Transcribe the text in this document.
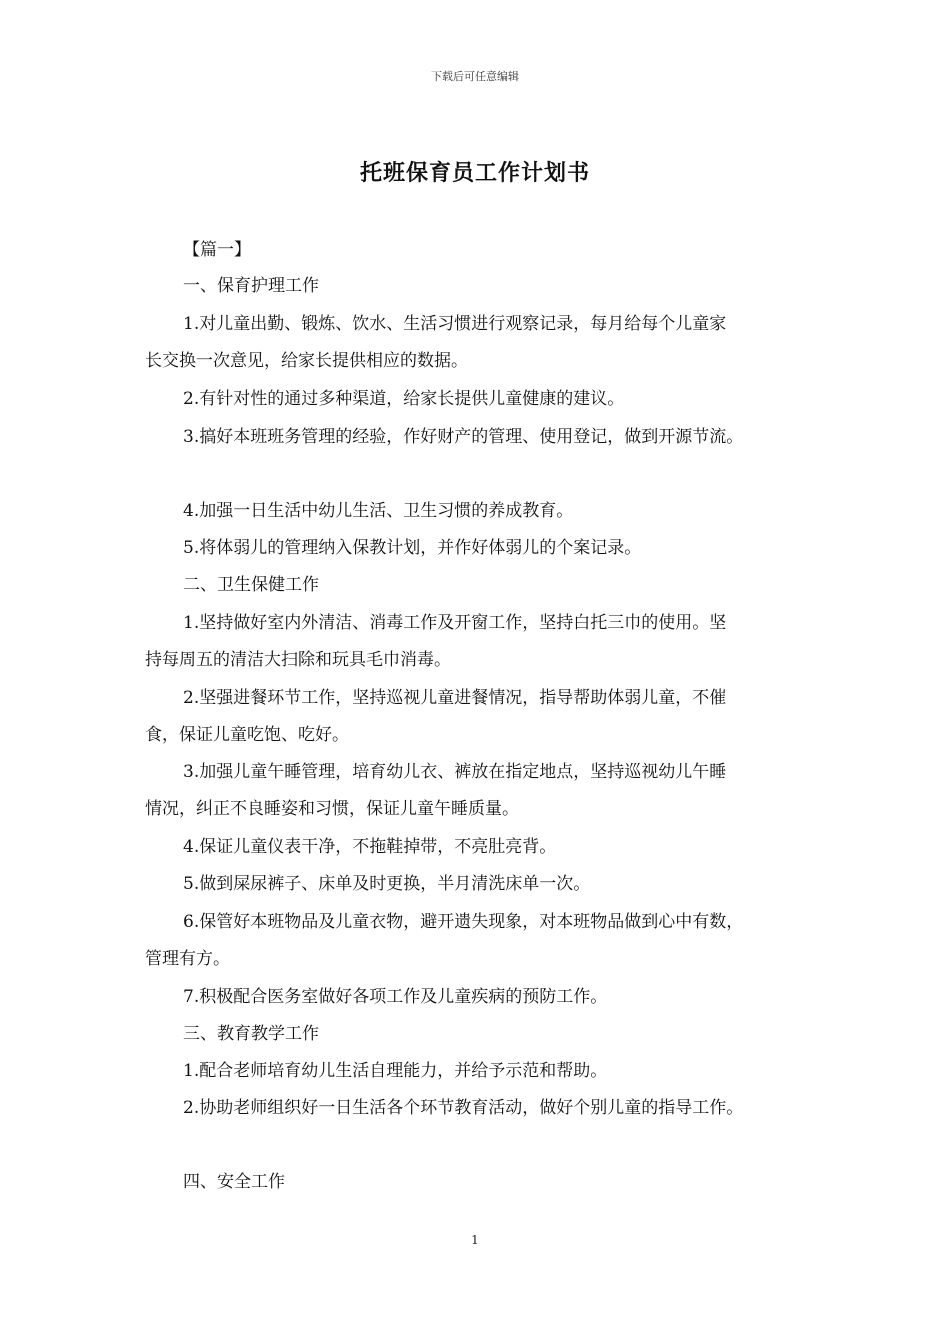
下载后可任意编辑
托班保育员工作计划书
【篇一】
一、保育护理工作
1.对儿童出勤、锻炼、饮水、生活习惯进行观察记录，每月给每个儿童家
长交换一次意见，给家长提供相应的数据。
2.有针对性的通过多种渠道，给家长提供儿童健康的建议。
3.搞好本班班务管理的经验，作好财产的管理、使用登记，做到开源节流。
4.加强一日生活中幼儿生活、卫生习惯的养成教育。
5.将体弱儿的管理纳入保教计划，并作好体弱儿的个案记录。
二、卫生保健工作
1.坚持做好室内外清洁、消毒工作及开窗工作，坚持白托三巾的使用。坚
持每周五的清洁大扫除和玩具毛巾消毒。
2.坚强进餐环节工作，坚持巡视儿童进餐情况，指导帮助体弱儿童，不催
食，保证儿童吃饱、吃好。
3.加强儿童午睡管理，培育幼儿衣、裤放在指定地点，坚持巡视幼儿午睡
情况，纠正不良睡姿和习惯，保证儿童午睡质量。
4.保证儿童仪表干净，不拖鞋掉带，不亮肚亮背。
5.做到屎尿裤子、床单及时更换，半月清洗床单一次。
6.保管好本班物品及儿童衣物，避开遗失现象，对本班物品做到心中有数，
管理有方。
7.积极配合医务室做好各项工作及儿童疾病的预防工作。
三、教育教学工作
1.配合老师培育幼儿生活自理能力，并给予示范和帮助。
2.协助老师组织好一日生活各个环节教育活动，做好个别儿童的指导工作。
四、安全工作
1
